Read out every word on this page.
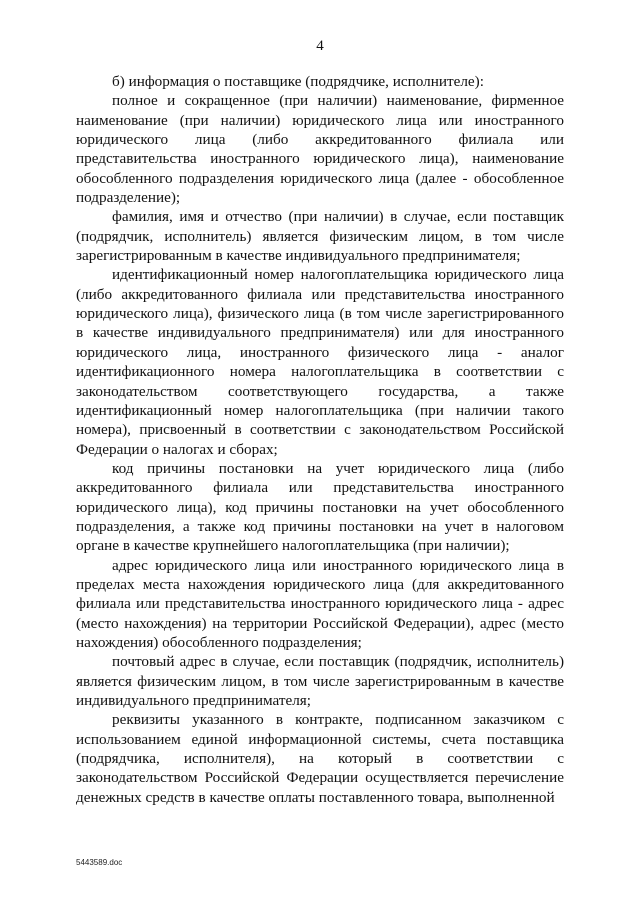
4

б) информация о поставщике (подрядчике, исполнителе):

полное и сокращенное (при наличии) наименование, фирменное наименование (при наличии) юридического лица или иностранного юридического лица (либо аккредитованного филиала или представительства иностранного юридического лица), наименование обособленного подразделения юридического лица (далее - обособленное подразделение);

фамилия, имя и отчество (при наличии) в случае, если поставщик (подрядчик, исполнитель) является физическим лицом, в том числе зарегистрированным в качестве индивидуального предпринимателя;

идентификационный номер налогоплательщика юридического лица (либо аккредитованного филиала или представительства иностранного юридического лица), физического лица (в том числе зарегистрированного в качестве индивидуального предпринимателя) или для иностранного юридического лица, иностранного физического лица - аналог идентификационного номера налогоплательщика в соответствии с законодательством соответствующего государства, а также идентификационный номер налогоплательщика (при наличии такого номера), присвоенный в соответствии с законодательством Российской Федерации о налогах и сборах;

код причины постановки на учет юридического лица (либо аккредитованного филиала или представительства иностранного юридического лица), код причины постановки на учет обособленного подразделения, а также код причины постановки на учет в налоговом органе в качестве крупнейшего налогоплательщика (при наличии);

адрес юридического лица или иностранного юридического лица в пределах места нахождения юридического лица (для аккредитованного филиала или представительства иностранного юридического лица - адрес (место нахождения) на территории Российской Федерации), адрес (место нахождения) обособленного подразделения;

почтовый адрес в случае, если поставщик (подрядчик, исполнитель) является физическим лицом, в том числе зарегистрированным в качестве индивидуального предпринимателя;

реквизиты указанного в контракте, подписанном заказчиком с использованием единой информационной системы, счета поставщика (подрядчика, исполнителя), на который в соответствии с законодательством Российской Федерации осуществляется перечисление денежных средств в качестве оплаты поставленного товара, выполненной

5443589.doc
